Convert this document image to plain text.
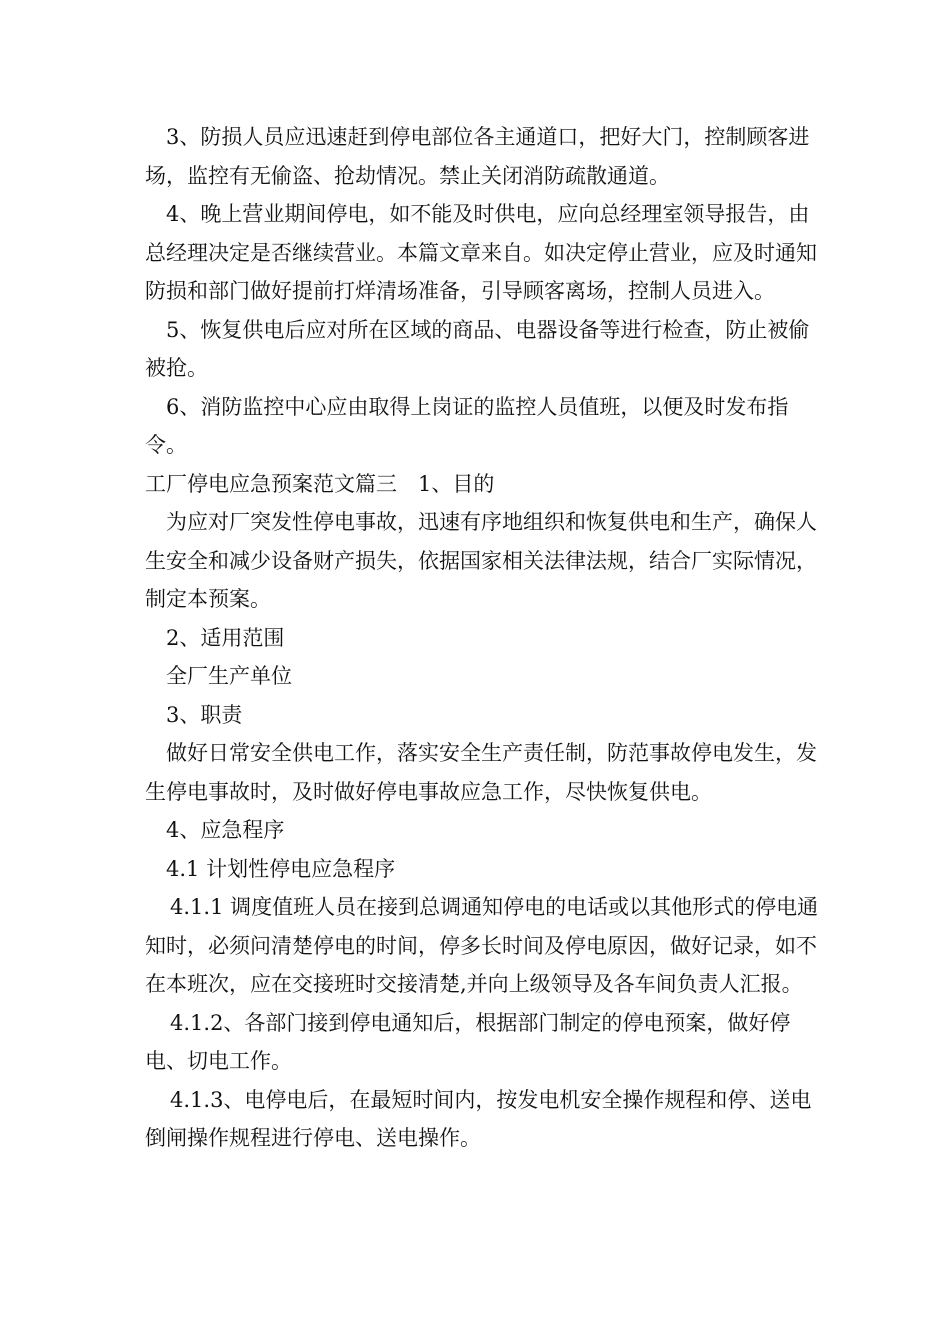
3、防损人员应迅速赶到停电部位各主通道口，把好大门，控制顾客进场，监控有无偷盗、抢劫情况。禁止关闭消防疏散通道。

4、晚上营业期间停电，如不能及时供电，应向总经理室领导报告，由总经理决定是否继续营业。本篇文章来自。如决定停止营业，应及时通知防损和部门做好提前打烊清场准备，引导顾客离场，控制人员进入。

5、恢复供电后应对所在区域的商品、电器设备等进行检查，防止被偷被抢。

6、消防监控中心应由取得上岗证的监控人员值班，以便及时发布指令。

工厂停电应急预案范文篇三　1、目的

为应对厂突发性停电事故，迅速有序地组织和恢复供电和生产，确保人生安全和减少设备财产损失，依据国家相关法律法规，结合厂实际情况，制定本预案。

2、适用范围

全厂生产单位

3、职责

做好日常安全供电工作，落实安全生产责任制，防范事故停电发生，发生停电事故时，及时做好停电事故应急工作，尽快恢复供电。

4、应急程序

4.1 计划性停电应急程序

4.1.1 调度值班人员在接到总调通知停电的电话或以其他形式的停电通知时，必须问清楚停电的时间，停多长时间及停电原因，做好记录，如不在本班次，应在交接班时交接清楚,并向上级领导及各车间负责人汇报。

4.1.2、各部门接到停电通知后，根据部门制定的停电预案，做好停电、切电工作。

4.1.3、电停电后，在最短时间内，按发电机安全操作规程和停、送电倒闸操作规程进行停电、送电操作。
